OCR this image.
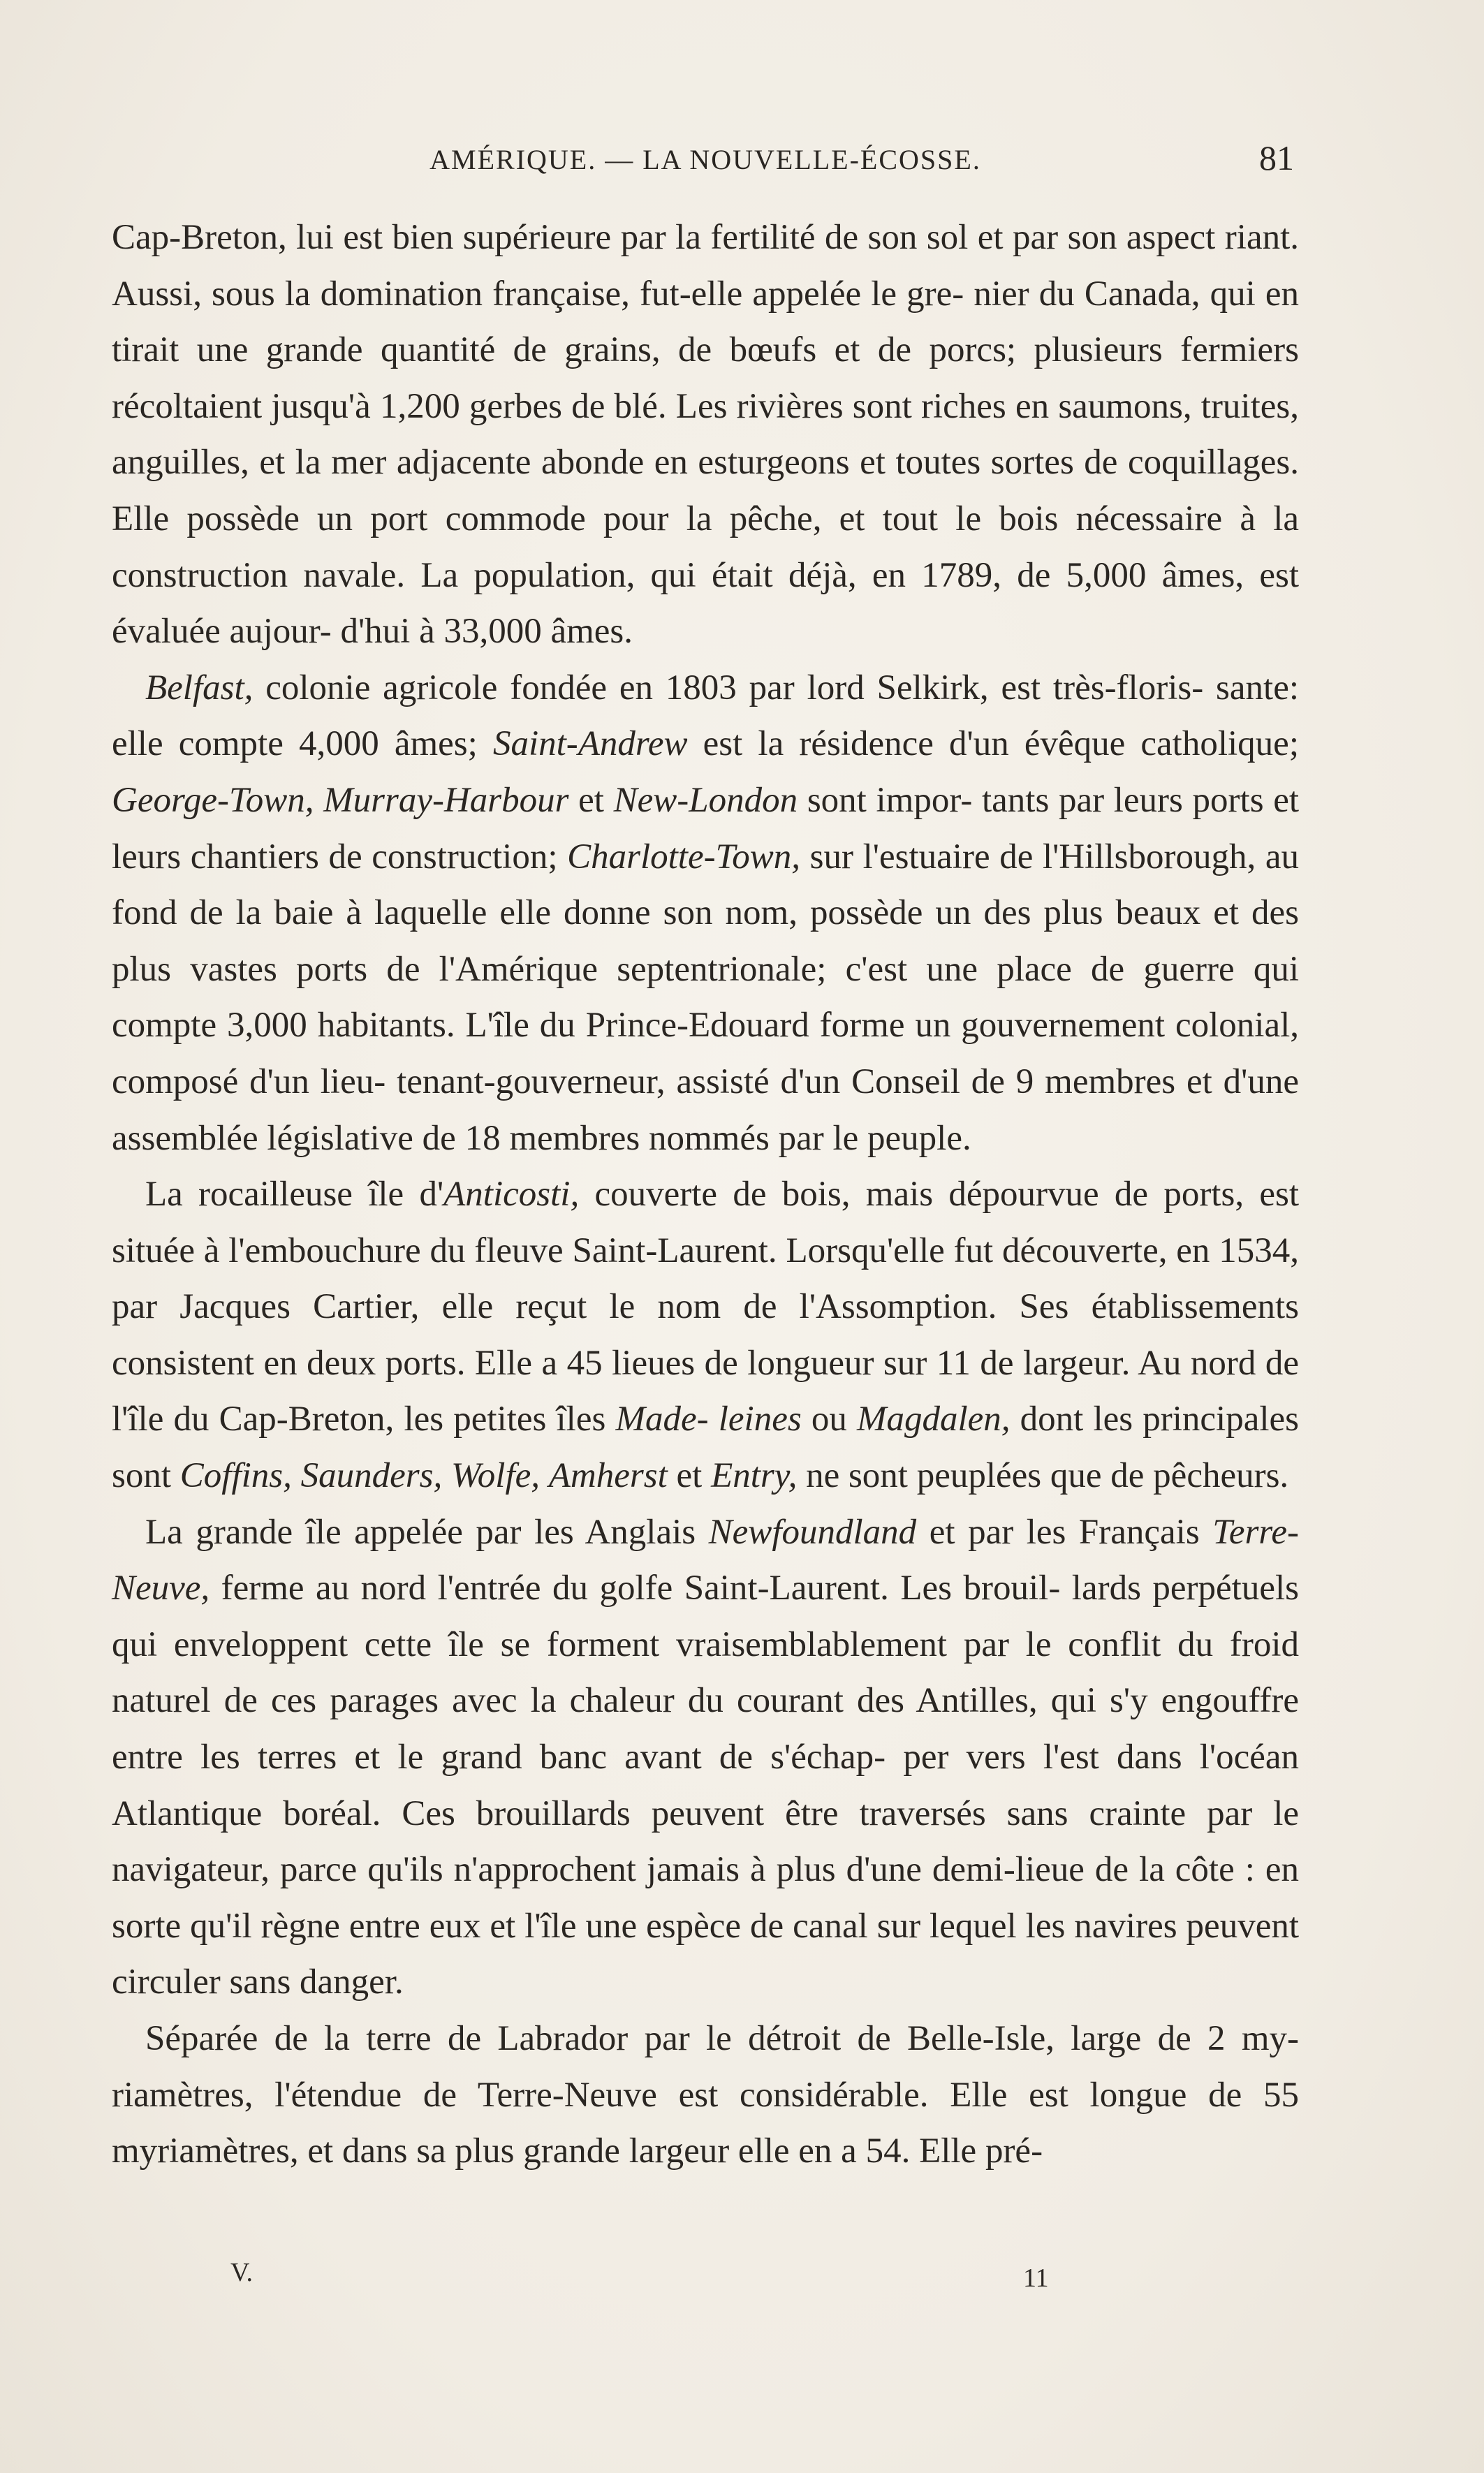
AMÉRIQUE. — LA NOUVELLE-ÉCOSSE.	81

Cap-Breton, lui est bien supérieure par la fertilité de son sol et par son aspect riant. Aussi, sous la domination française, fut-elle appelée le gre- nier du Canada, qui en tirait une grande quantité de grains, de bœufs et de porcs; plusieurs fermiers récoltaient jusqu'à 1,200 gerbes de blé. Les rivières sont riches en saumons, truites, anguilles, et la mer adjacente abonde en esturgeons et toutes sortes de coquillages. Elle possède un port commode pour la pêche, et tout le bois nécessaire à la construction navale. La population, qui était déjà, en 1789, de 5,000 âmes, est évaluée aujour- d'hui à 33,000 âmes.

Belfast, colonie agricole fondée en 1803 par lord Selkirk, est très-floris- sante: elle compte 4,000 âmes; Saint-Andrew est la résidence d'un évêque catholique; George-Town, Murray-Harbour et New-London sont impor- tants par leurs ports et leurs chantiers de construction; Charlotte-Town, sur l'estuaire de l'Hillsborough, au fond de la baie à laquelle elle donne son nom, possède un des plus beaux et des plus vastes ports de l'Amérique septentrionale; c'est une place de guerre qui compte 3,000 habitants. L'île du Prince-Edouard forme un gouvernement colonial, composé d'un lieu- tenant-gouverneur, assisté d'un Conseil de 9 membres et d'une assemblée législative de 18 membres nommés par le peuple.

La rocailleuse île d'Anticosti, couverte de bois, mais dépourvue de ports, est située à l'embouchure du fleuve Saint-Laurent. Lorsqu'elle fut découverte, en 1534, par Jacques Cartier, elle reçut le nom de l'Assomption. Ses établissements consistent en deux ports. Elle a 45 lieues de longueur sur 11 de largeur. Au nord de l'île du Cap-Breton, les petites îles Made- leines ou Magdalen, dont les principales sont Coffins, Saunders, Wolfe, Amherst et Entry, ne sont peuplées que de pêcheurs.

La grande île appelée par les Anglais Newfoundland et par les Français Terre-Neuve, ferme au nord l'entrée du golfe Saint-Laurent. Les brouil- lards perpétuels qui enveloppent cette île se forment vraisemblablement par le conflit du froid naturel de ces parages avec la chaleur du courant des Antilles, qui s'y engouffre entre les terres et le grand banc avant de s'échap- per vers l'est dans l'océan Atlantique boréal. Ces brouillards peuvent être traversés sans crainte par le navigateur, parce qu'ils n'approchent jamais à plus d'une demi-lieue de la côte : en sorte qu'il règne entre eux et l'île une espèce de canal sur lequel les navires peuvent circuler sans danger.

Séparée de la terre de Labrador par le détroit de Belle-Isle, large de 2 my- riamètres, l'étendue de Terre-Neuve est considérable. Elle est longue de 55 myriamètres, et dans sa plus grande largeur elle en a 54. Elle pré-

V.	11
